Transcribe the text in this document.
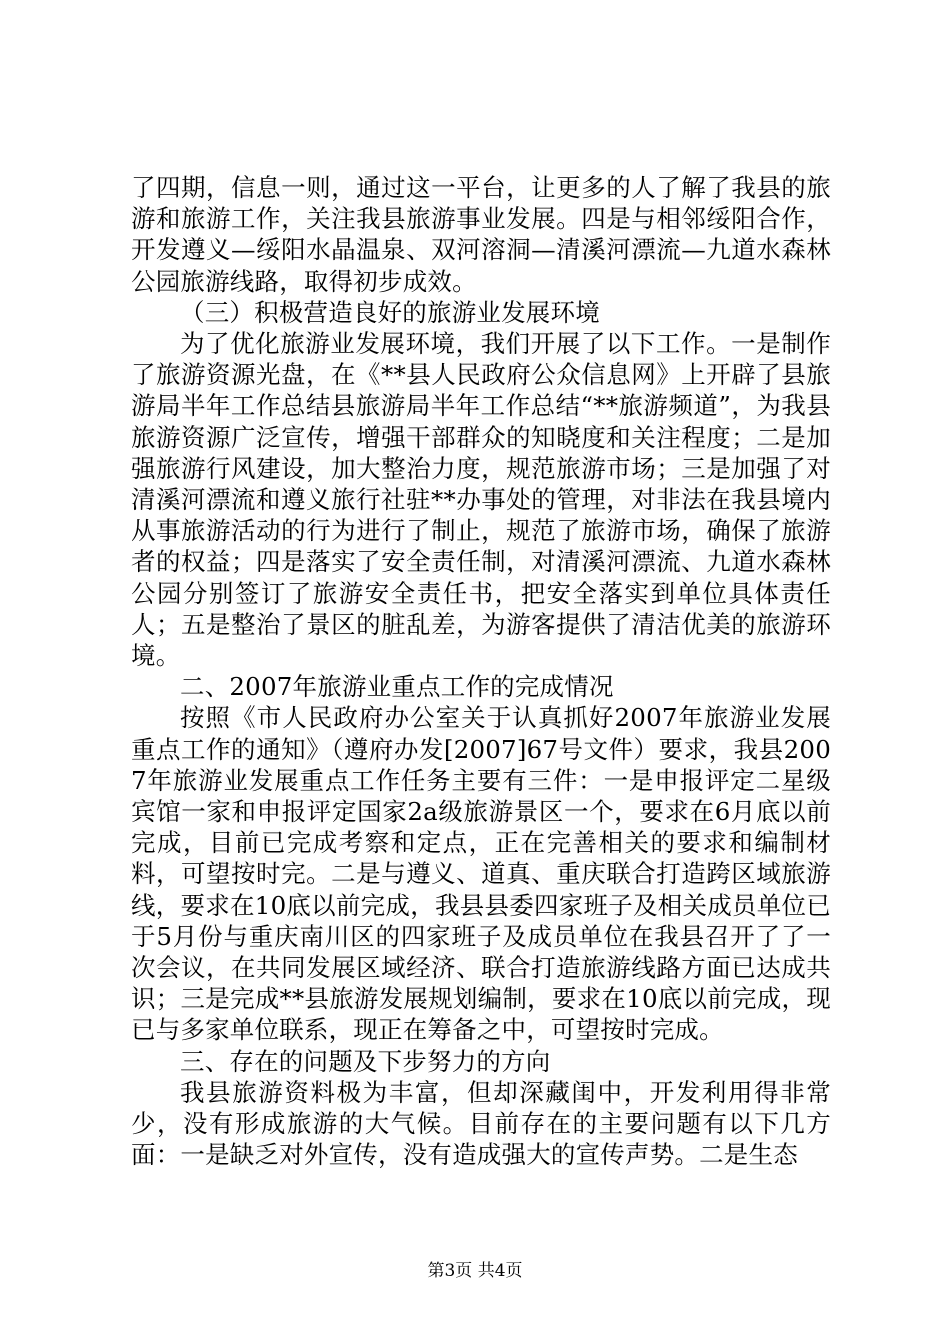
了四期，信息一则，通过这一平台，让更多的人了解了我县的旅游和旅游工作，关注我县旅游事业发展。四是与相邻绥阳合作，开发遵义—绥阳水晶温泉、双河溶洞—清溪河漂流—九道水森林公园旅游线路，取得初步成效。

（三）积极营造良好的旅游业发展环境

为了优化旅游业发展环境，我们开展了以下工作。一是制作了旅游资源光盘，在《**县人民政府公众信息网》上开辟了县旅游局半年工作总结县旅游局半年工作总结“**旅游频道”，为我县旅游资源广泛宣传，增强干部群众的知晓度和关注程度；二是加强旅游行风建设，加大整治力度，规范旅游市场；三是加强了对清溪河漂流和遵义旅行社驻**办事处的管理，对非法在我县境内从事旅游活动的行为进行了制止，规范了旅游市场，确保了旅游者的权益；四是落实了安全责任制，对清溪河漂流、九道水森林公园分别签订了旅游安全责任书，把安全落实到单位具体责任人；五是整治了景区的脏乱差，为游客提供了清洁优美的旅游环境。

二、2007年旅游业重点工作的完成情况

按照《市人民政府办公室关于认真抓好2007年旅游业发展重点工作的通知》（遵府办发[2007]67号文件）要求，我县2007年旅游业发展重点工作任务主要有三件：一是申报评定二星级宾馆一家和申报评定国家2a级旅游景区一个，要求在6月底以前完成，目前已完成考察和定点，正在完善相关的要求和编制材料，可望按时完。二是与遵义、道真、重庆联合打造跨区域旅游线，要求在10底以前完成，我县县委四家班子及相关成员单位已于5月份与重庆南川区的四家班子及成员单位在我县召开了了一次会议，在共同发展区域经济、联合打造旅游线路方面已达成共识；三是完成**县旅游发展规划编制，要求在10底以前完成，现已与多家单位联系，现正在筹备之中，可望按时完成。

三、存在的问题及下步努力的方向

我县旅游资料极为丰富，但却深藏闺中，开发利用得非常少，没有形成旅游的大气候。目前存在的主要问题有以下几方面：一是缺乏对外宣传，没有造成强大的宣传声势。二是生态

第3页 共4页
